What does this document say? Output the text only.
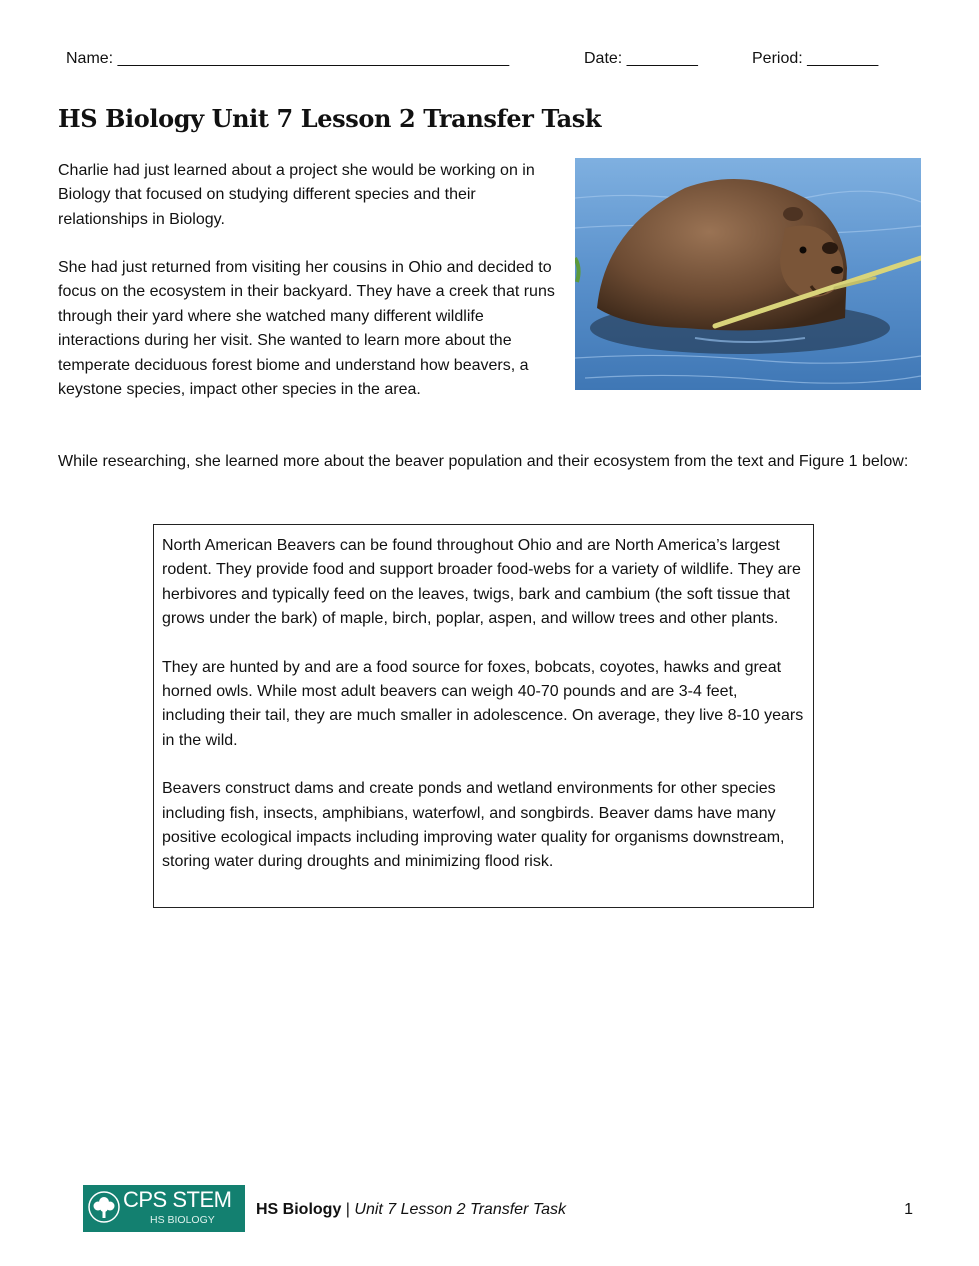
Name: ____________________________________________	Date: ________	Period: ________
HS Biology Unit 7 Lesson 2 Transfer Task

Charlie had just learned about a project she would be working on in Biology that focused on studying different species and their relationships in Biology.

She had just returned from visiting her cousins in Ohio and decided to focus on the ecosystem in their backyard. They have a creek that runs through their yard where she watched many different wildlife interactions during her visit. She wanted to learn more about the temperate deciduous forest biome and understand how beavers, a keystone species, impact other species in the area.

While researching, she learned more about the beaver population and their ecosystem from the text and Figure 1 below:

North American Beavers can be found throughout Ohio and are North America’s largest rodent. They provide food and support broader food-webs for a variety of wildlife. They are herbivores and typically feed on the leaves, twigs, bark and cambium (the soft tissue that grows under the bark) of maple, birch, poplar, aspen, and willow trees and other plants.

They are hunted by and are a food source for foxes, bobcats, coyotes, hawks and great horned owls. While most adult beavers can weigh 40-70 pounds and are 3-4 feet, including their tail, they are much smaller in adolescence. On average, they live 8-10 years in the wild.

Beavers construct dams and create ponds and wetland environments for other species including fish, insects, amphibians, waterfowl, and songbirds. Beaver dams have many positive ecological impacts including improving water quality for organisms downstream, storing water during droughts and minimizing flood risk.

CPS STEM
HS BIOLOGY
HS Biology | Unit 7 Lesson 2 Transfer Task	1
